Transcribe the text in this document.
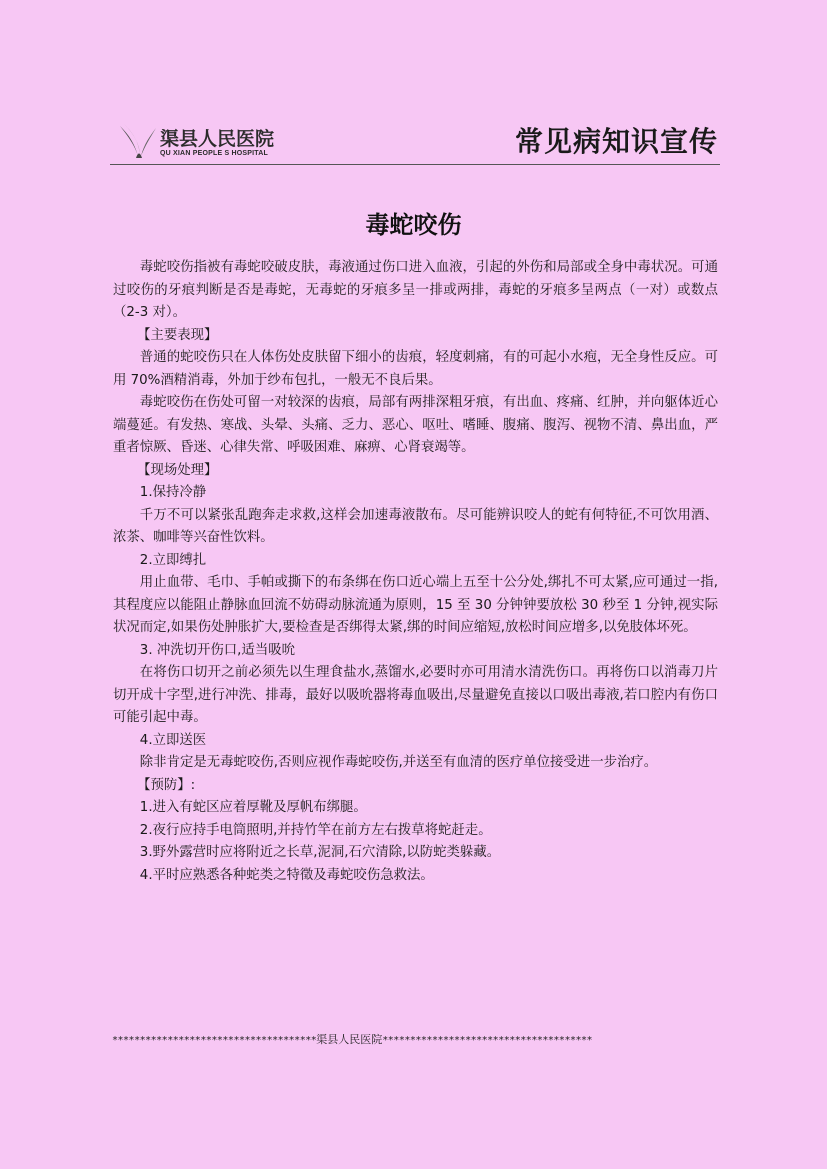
渠县人民医院
QU XIAN PEOPLE S HOSPITAL	常见病知识宣传
毒蛇咬伤

毒蛇咬伤指被有毒蛇咬破皮肤，毒液通过伤口进入血液，引起的外伤和局部或全身中毒状况。可通过咬伤的牙痕判断是否是毒蛇，无毒蛇的牙痕多呈一排或两排，毒蛇的牙痕多呈两点（一对）或数点（2-3 对）。

【主要表现】

普通的蛇咬伤只在人体伤处皮肤留下细小的齿痕，轻度刺痛，有的可起小水疱，无全身性反应。可用 70%酒精消毒，外加于纱布包扎，一般无不良后果。

毒蛇咬伤在伤处可留一对较深的齿痕，局部有两排深粗牙痕，有出血、疼痛、红肿，并向躯体近心端蔓延。有发热、寒战、头晕、头痛、乏力、恶心、呕吐、嗜睡、腹痛、腹泻、视物不清、鼻出血，严重者惊厥、昏迷、心律失常、呼吸困难、麻痹、心肾衰竭等。

【现场处理】

1.保持冷静

千万不可以紧张乱跑奔走求救,这样会加速毒液散布。尽可能辨识咬人的蛇有何特征,不可饮用酒、浓茶、咖啡等兴奋性饮料。

2.立即缚扎

用止血带、毛巾、手帕或撕下的布条绑在伤口近心端上五至十公分处,绑扎不可太紧,应可通过一指,其程度应以能阻止静脉血回流不妨碍动脉流通为原则，15 至 30 分钟钟要放松 30 秒至 1 分钟,视实际状况而定,如果伤处肿胀扩大,要检查是否绑得太紧,绑的时间应缩短,放松时间应增多,以免肢体坏死。

3. 冲洗切开伤口,适当吸吮

在将伤口切开之前必须先以生理食盐水,蒸馏水,必要时亦可用清水清洗伤口。再将伤口以消毒刀片切开成十字型,进行冲洗、排毒，最好以吸吮器将毒血吸出,尽量避免直接以口吸出毒液,若口腔内有伤口可能引起中毒。

4.立即送医

除非肯定是无毒蛇咬伤,否则应视作毒蛇咬伤,并送至有血清的医疗单位接受进一步治疗。

【预防】:

1.进入有蛇区应着厚靴及厚帆布绑腿。

2.夜行应持手电筒照明,并持竹竿在前方左右拨草将蛇赶走。

3.野外露营时应将附近之长草,泥洞,石穴清除,以防蛇类躲藏。

4.平时应熟悉各种蛇类之特徵及毒蛇咬伤急救法。

*************************************渠县人民医院**************************************
